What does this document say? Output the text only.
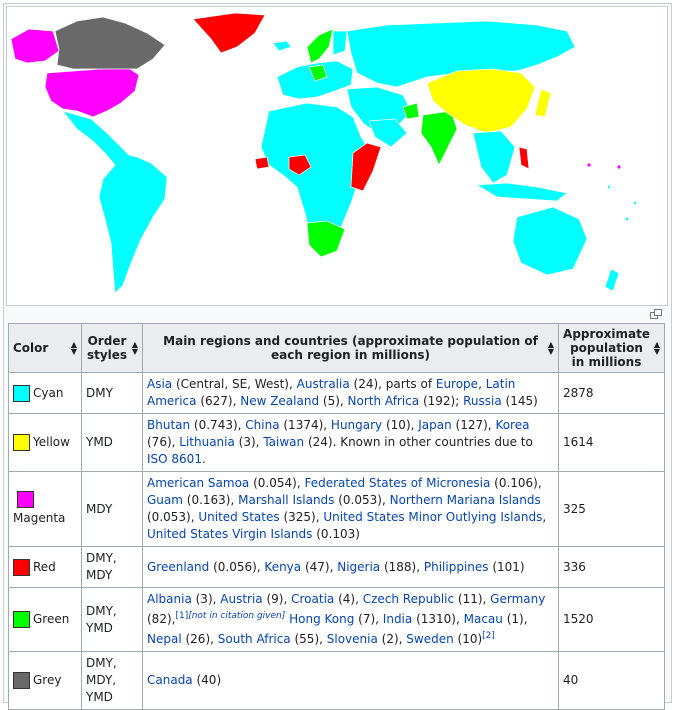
Color ▲
▼	Order styles
▲
▼	Main regions and countries (approximate population of each region in millions)
▲
▼	Approximate population in millions
▲
▼

Cyan	DMY	Asia (Central, SE, West), Australia (24), parts of Europe, Latin America (627), New Zealand (5), North Africa (192); Russia (145)	2878
Yellow	YMD	Bhutan (0.743), China (1374), Hungary (10), Japan (127), Korea (76), Lithuania (3), Taiwan (24). Known in other countries due to ISO 8601.	1614

Magenta	MDY	American Samoa (0.054), Federated States of Micronesia (0.106), Guam (0.163), Marshall Islands (0.053), Northern Mariana Islands (0.053), United States (325), United States Minor Outlying Islands, United States Virgin Islands (0.103)	325
Red	DMY, MDY	Greenland (0.056), Kenya (47), Nigeria (188), Philippines (101)	336
Green	DMY, YMD	Albania (3), Austria (9), Croatia (4), Czech Republic (11), Germany (82),[1][not in citation given] Hong Kong (7), India (1310), Macau (1), Nepal (26), South Africa (55), Slovenia (2), Sweden (10)[2]	1520
Grey	DMY, MDY, YMD	Canada (40)	40
